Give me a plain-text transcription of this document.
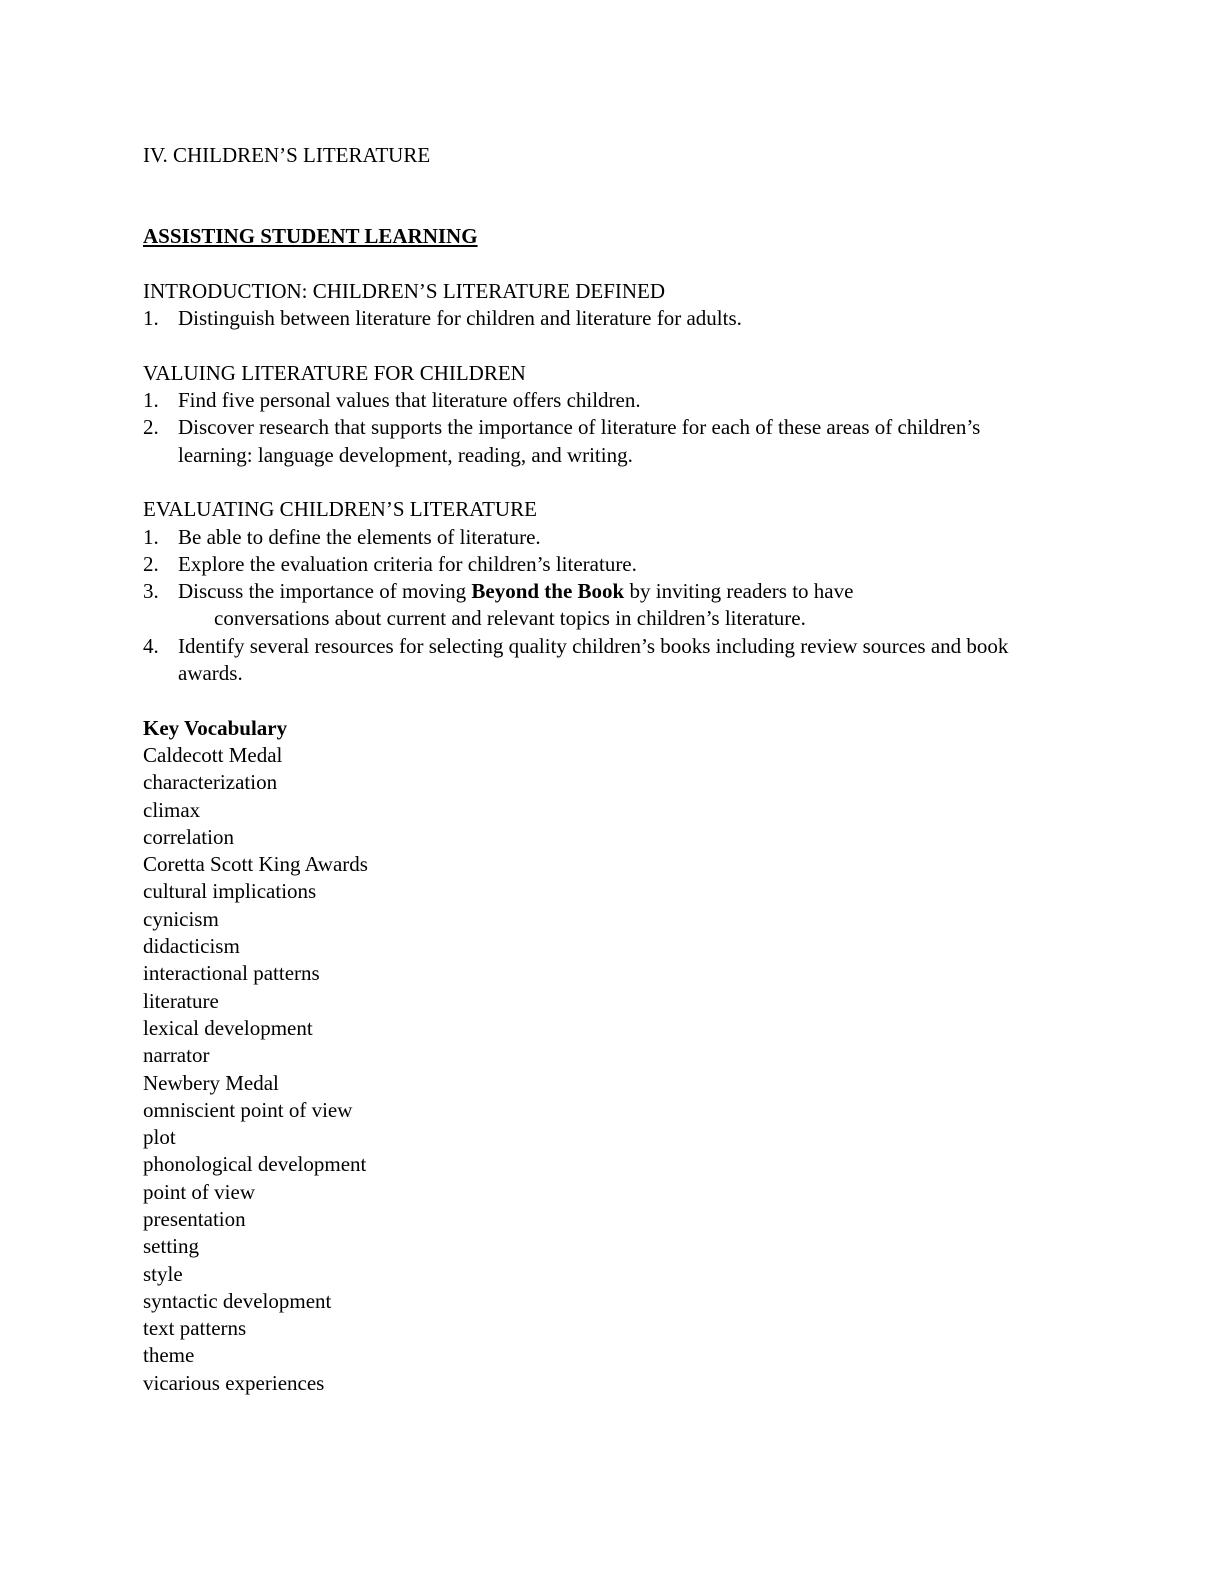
IV. CHILDREN’S LITERATURE

ASSISTING STUDENT LEARNING

INTRODUCTION: CHILDREN’S LITERATURE DEFINED

1. Distinguish between literature for children and literature for adults.

VALUING LITERATURE FOR CHILDREN

1. Find five personal values that literature offers children.
2. Discover research that supports the importance of literature for each of these areas of children’s learning: language development, reading, and writing.

EVALUATING CHILDREN’S LITERATURE

1. Be able to define the elements of literature.
2. Explore the evaluation criteria for children’s literature.
3. Discuss the importance of moving Beyond the Book by inviting readers to have
conversations about current and relevant topics in children’s literature.
4. Identify several resources for selecting quality children’s books including review sources and book awards.

Key Vocabulary

Caldecott Medal
characterization
climax
correlation
Coretta Scott King Awards
cultural implications
cynicism
didacticism
interactional patterns
literature
lexical development
narrator
Newbery Medal
omniscient point of view
plot
phonological development
point of view
presentation
setting
style
syntactic development
text patterns
theme
vicarious experiences
